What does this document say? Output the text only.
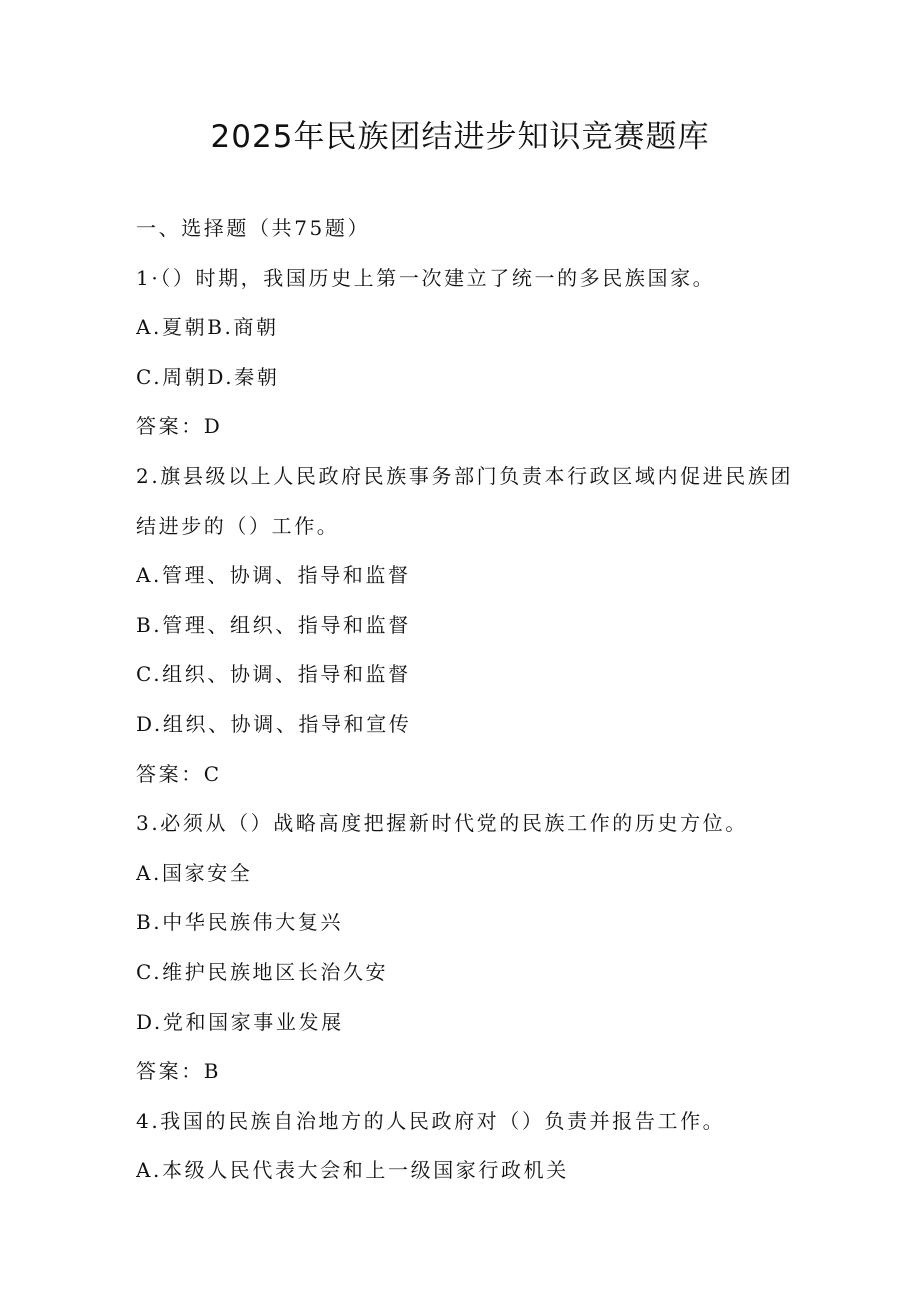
2025年民族团结进步知识竞赛题库
一、选择题（共75题）
1·（）时期，我国历史上第一次建立了统一的多民族国家。
A.夏朝B.商朝
C.周朝D.秦朝
答案：D
2.旗县级以上人民政府民族事务部门负责本行政区域内促进民族团
结进步的（）工作。
A.管理、协调、指导和监督
B.管理、组织、指导和监督
C.组织、协调、指导和监督
D.组织、协调、指导和宣传
答案：C
3.必须从（）战略高度把握新时代党的民族工作的历史方位。
A.国家安全
B.中华民族伟大复兴
C.维护民族地区长治久安
D.党和国家事业发展
答案：B
4.我国的民族自治地方的人民政府对（）负责并报告工作。
A.本级人民代表大会和上一级国家行政机关
